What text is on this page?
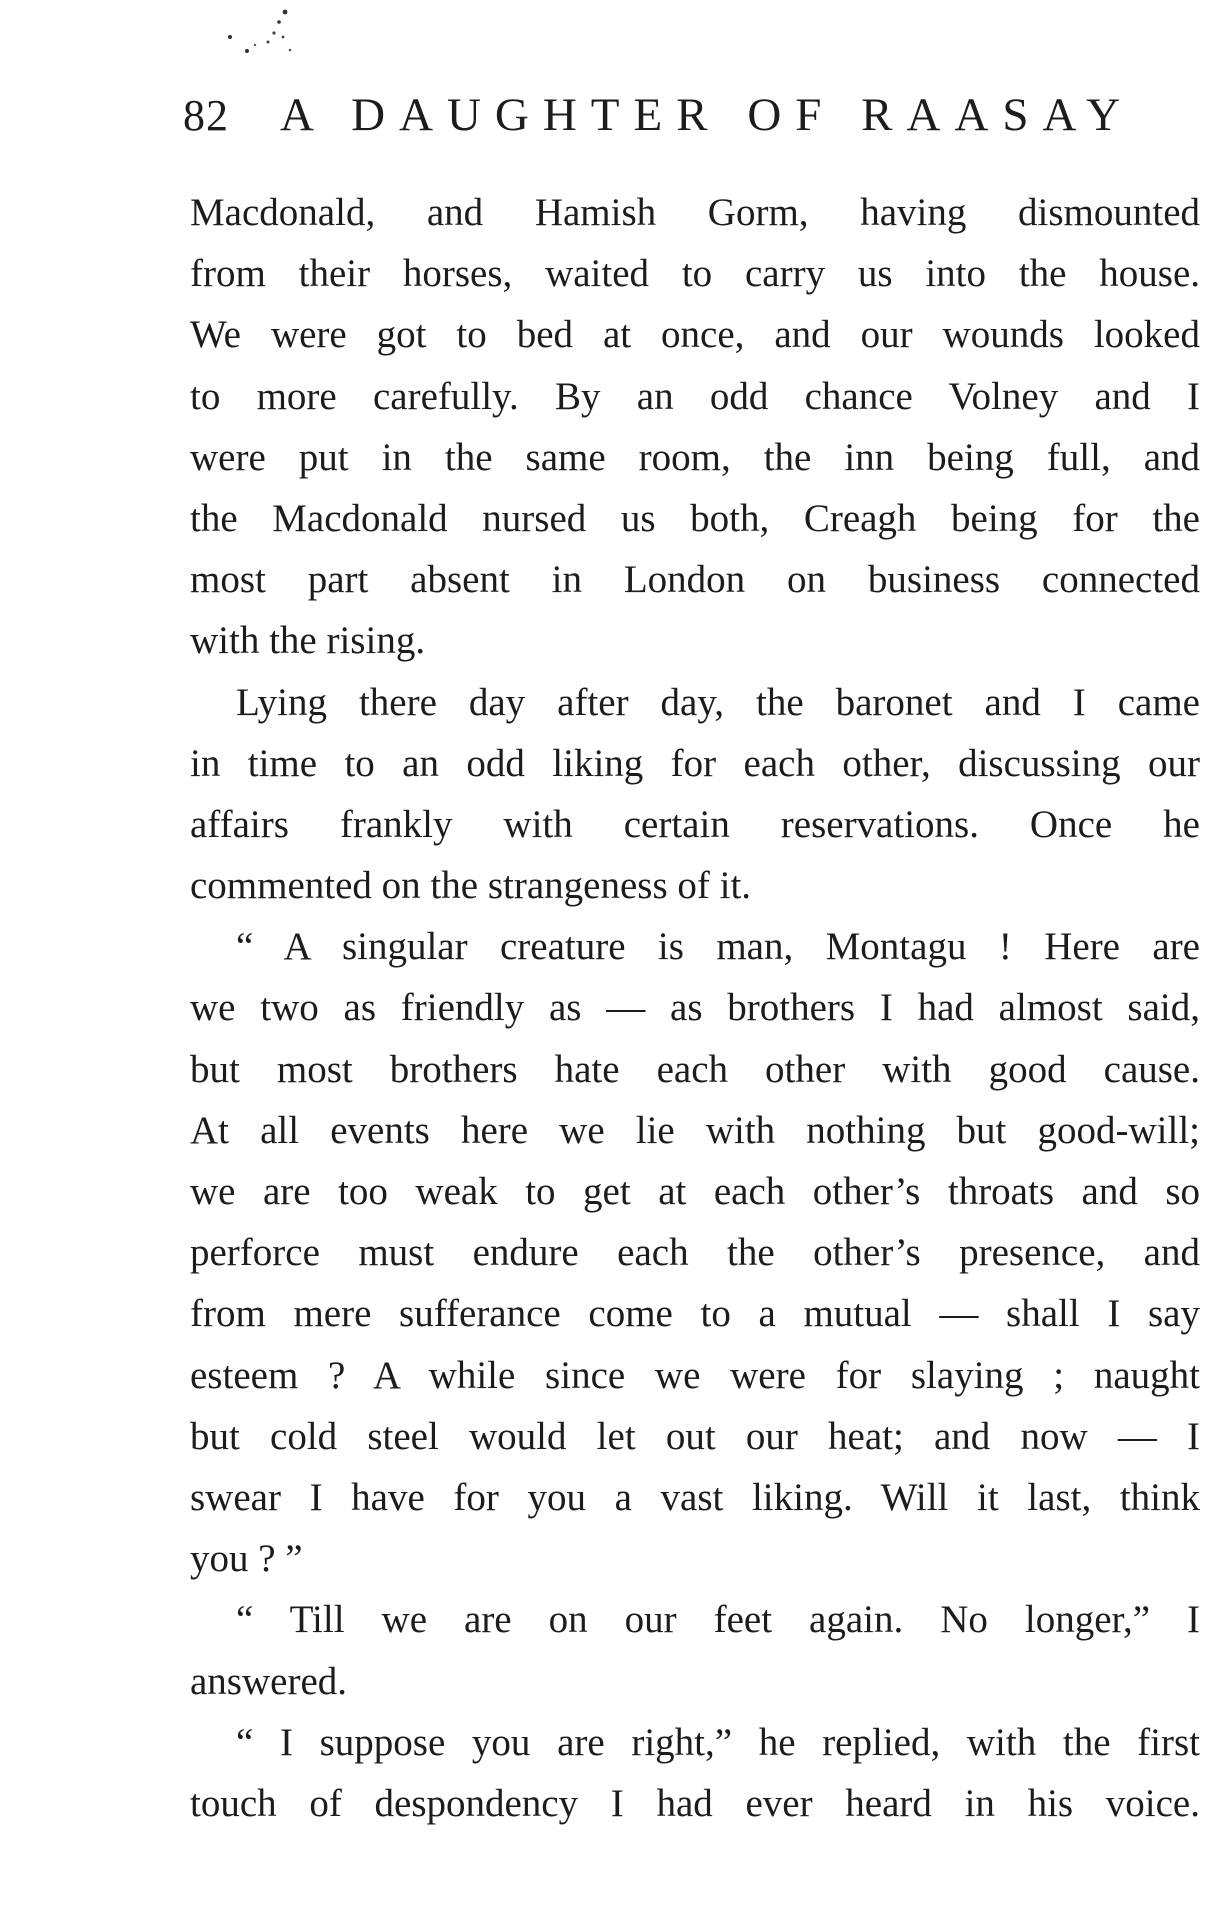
82 A DAUGHTER OF RAASAY
Macdonald, and Hamish Gorm, having dismounted
from their horses, waited to carry us into the house.
We were got to bed at once, and our wounds looked
to more carefully. By an odd chance Volney and I
were put in the same room, the inn being full, and
the Macdonald nursed us both, Creagh being for the
most part absent in London on business connected
with the rising.
Lying there day after day, the baronet and I came
in time to an odd liking for each other, discussing our
affairs frankly with certain reservations. Once he
commented on the strangeness of it.
“ A singular creature is man, Montagu ! Here are
we two as friendly as — as brothers I had almost said,
but most brothers hate each other with good cause.
At all events here we lie with nothing but good-will;
we are too weak to get at each other’s throats and so
perforce must endure each the other’s presence, and
from mere sufferance come to a mutual — shall I say
esteem ? A while since we were for slaying ; naught
but cold steel would let out our heat; and now — I
swear I have for you a vast liking. Will it last, think
you ? ”
“ Till we are on our feet again. No longer,” I
answered.
“ I suppose you are right,” he replied, with the first
touch of despondency I had ever heard in his voice.
